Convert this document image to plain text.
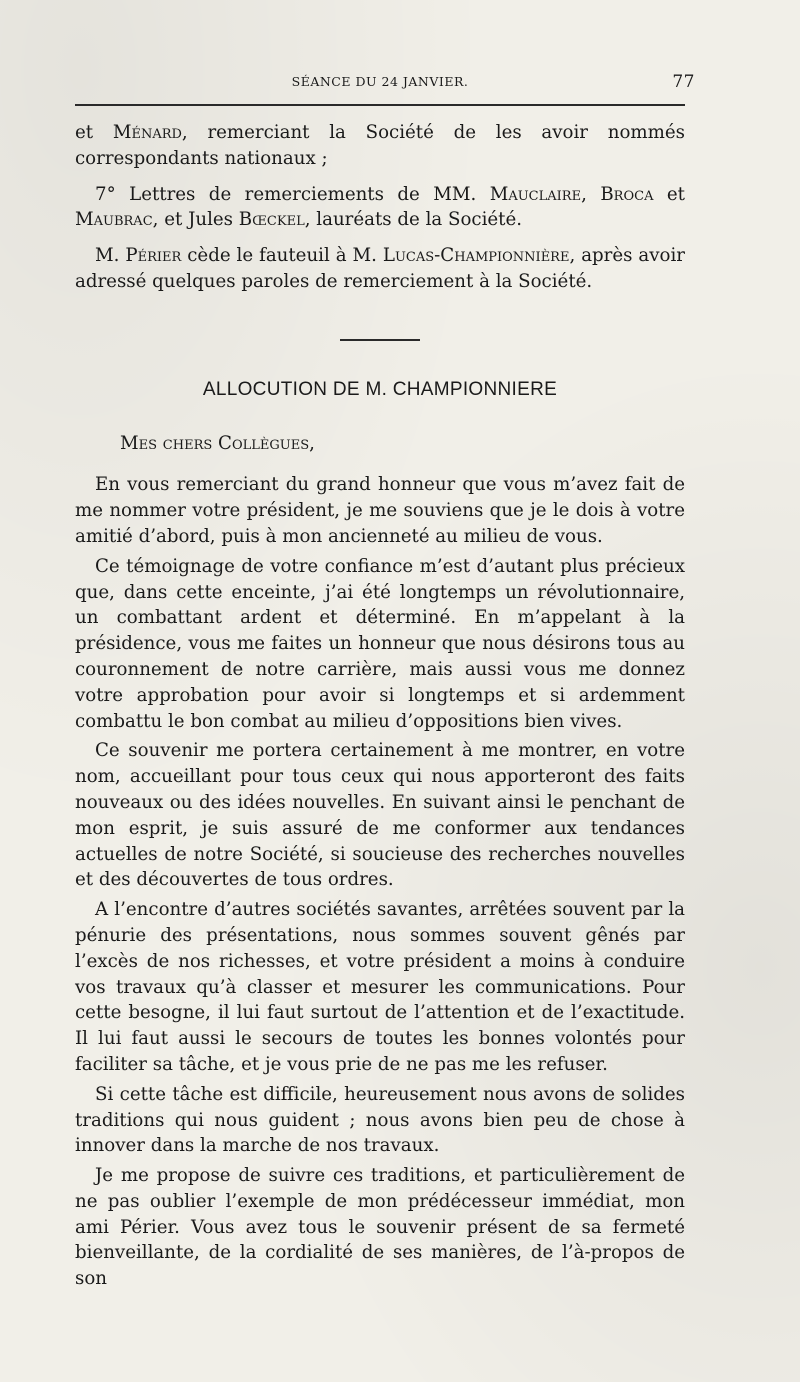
SÉANCE DU 24 JANVIER.	77

et Ménard, remerciant la Société de les avoir nommés correspondants nationaux ;

7° Lettres de remerciements de MM. Mauclaire, Broca et Maubrac, et Jules Bœckel, lauréats de la Société.

M. Périer cède le fauteuil à M. Lucas-Championnière, après avoir adressé quelques paroles de remerciement à la Société.

ALLOCUTION DE M. CHAMPIONNIERE

Mes chers Collègues,

En vous remerciant du grand honneur que vous m’avez fait de me nommer votre président, je me souviens que je le dois à votre amitié d’abord, puis à mon ancienneté au milieu de vous.

Ce témoignage de votre confiance m’est d’autant plus précieux que, dans cette enceinte, j’ai été longtemps un révolutionnaire, un combattant ardent et déterminé. En m’appelant à la présidence, vous me faites un honneur que nous désirons tous au couronnement de notre carrière, mais aussi vous me donnez votre approbation pour avoir si longtemps et si ardemment combattu le bon combat au milieu d’oppositions bien vives.

Ce souvenir me portera certainement à me montrer, en votre nom, accueillant pour tous ceux qui nous apporteront des faits nouveaux ou des idées nouvelles. En suivant ainsi le penchant de mon esprit, je suis assuré de me conformer aux tendances actuelles de notre Société, si soucieuse des recherches nouvelles et des découvertes de tous ordres.

A l’encontre d’autres sociétés savantes, arrêtées souvent par la pénurie des présentations, nous sommes souvent gênés par l’excès de nos richesses, et votre président a moins à conduire vos travaux qu’à classer et mesurer les communications. Pour cette besogne, il lui faut surtout de l’attention et de l’exactitude. Il lui faut aussi le secours de toutes les bonnes volontés pour faciliter sa tâche, et je vous prie de ne pas me les refuser.

Si cette tâche est difficile, heureusement nous avons de solides traditions qui nous guident ; nous avons bien peu de chose à innover dans la marche de nos travaux.

Je me propose de suivre ces traditions, et particulièrement de ne pas oublier l’exemple de mon prédécesseur immédiat, mon ami Périer. Vous avez tous le souvenir présent de sa fermeté bienveillante, de la cordialité de ses manières, de l’à-propos de son
